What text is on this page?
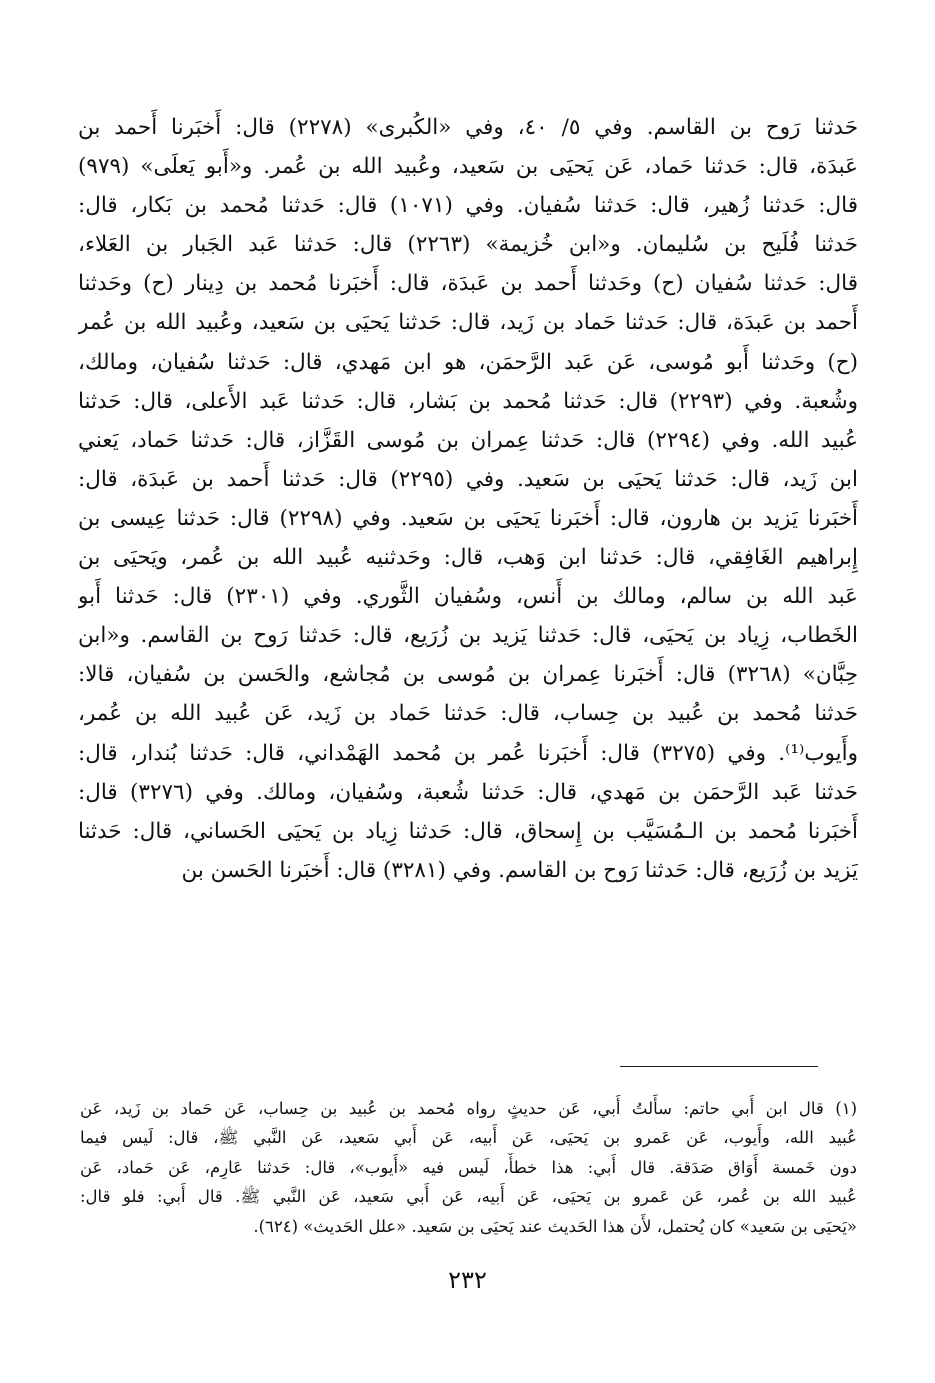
حَدثنا رَوح بن القاسم. وفي ٥/ ٤٠، وفي «الكُبرى» (٢٢٧٨) قال: أَخبَرنا أَحمد بن
عَبدَة، قال: حَدثنا حَماد، عَن يَحيَى بن سَعيد، وعُبيد الله بن عُمر. و«أَبو يَعلَى» (٩٧٩)
قال: حَدثنا زُهير، قال: حَدثنا سُفيان. وفي (١٠٧١) قال: حَدثنا مُحمد بن بَكار، قال:
حَدثنا فُلَيح بن سُليمان. و«ابن خُزيمة» (٢٢٦٣) قال: حَدثنا عَبد الجَبار بن العَلاء،
قال: حَدثنا سُفيان (ح) وحَدثنا أَحمد بن عَبدَة، قال: أَخبَرنا مُحمد بن دِينار (ح) وحَدثنا
أَحمد بن عَبدَة، قال: حَدثنا حَماد بن زَيد، قال: حَدثنا يَحيَى بن سَعيد، وعُبيد الله بن عُمر
(ح) وحَدثنا أَبو مُوسى، عَن عَبد الرَّحمَن، هو ابن مَهدي، قال: حَدثنا سُفيان، ومالك،
وشُعبة. وفي (٢٢٩٣) قال: حَدثنا مُحمد بن بَشار، قال: حَدثنا عَبد الأَعلى، قال: حَدثنا
عُبيد الله. وفي (٢٢٩٤) قال: حَدثنا عِمران بن مُوسى القَزَّاز، قال: حَدثنا حَماد، يَعني
ابن زَيد، قال: حَدثنا يَحيَى بن سَعيد. وفي (٢٢٩٥) قال: حَدثنا أَحمد بن عَبدَة، قال:
أَخبَرنا يَزيد بن هارون، قال: أَخبَرنا يَحيَى بن سَعيد. وفي (٢٢٩٨) قال: حَدثنا عِيسى بن
إِبراهيم الغَافِقي، قال: حَدثنا ابن وَهب، قال: وحَدثنيه عُبيد الله بن عُمر، ويَحيَى بن
عَبد الله بن سالم، ومالك بن أَنس، وسُفيان الثَّوري. وفي (٢٣٠١) قال: حَدثنا أَبو
الخَطاب، زِياد بن يَحيَى، قال: حَدثنا يَزيد بن زُرَيع، قال: حَدثنا رَوح بن القاسم. و«ابن
حِبَّان» (٣٢٦٨) قال: أَخبَرنا عِمران بن مُوسى بن مُجاشع، والحَسن بن سُفيان، قالا:
حَدثنا مُحمد بن عُبيد بن حِساب، قال: حَدثنا حَماد بن زَيد، عَن عُبيد الله بن عُمر،
وأَيوب⁽¹⁾. وفي (٣٢٧٥) قال: أَخبَرنا عُمر بن مُحمد الهَمْداني، قال: حَدثنا بُندار، قال:
حَدثنا عَبد الرَّحمَن بن مَهدي، قال: حَدثنا شُعبة، وسُفيان، ومالك. وفي (٣٢٧٦) قال:
أَخبَرنا مُحمد بن الـمُسَيَّب بن إِسحاق، قال: حَدثنا زِياد بن يَحيَى الحَساني، قال: حَدثنا
يَزيد بن زُرَيع، قال: حَدثنا رَوح بن القاسم. وفي (٣٢٨١) قال: أَخبَرنا الحَسن بن
(١) قال ابن أَبي حاتم: سأَلتُ أَبي، عَن حديثٍ رواه مُحمد بن عُبيد بن حِساب، عَن حَماد بن زَيد، عَن
عُبيد الله، وأَيوب، عَن عَمرو بن يَحيَى، عَن أَبيه، عَن أَبي سَعيد، عَن النَّبي ﷺ، قال: لَيس فيما
دون خَمسة أَوَاق صَدَقة. قال أَبي: هذا خطأٌ، لَيس فيه «أَيوب»، قال: حَدثنا عَارِم، عَن حَماد، عَن
عُبيد الله بن عُمر، عَن عَمرو بن يَحيَى، عَن أَبيه، عَن أَبي سَعيد، عَن النَّبي ﷺ. قال أَبي: فلو قال:
«يَحيَى بن سَعيد» كان يُحتمل، لأَن هذا الحَديث عند يَحيَى بن سَعيد. «علل الحَديث» (٦٢٤).
٢٣٢
